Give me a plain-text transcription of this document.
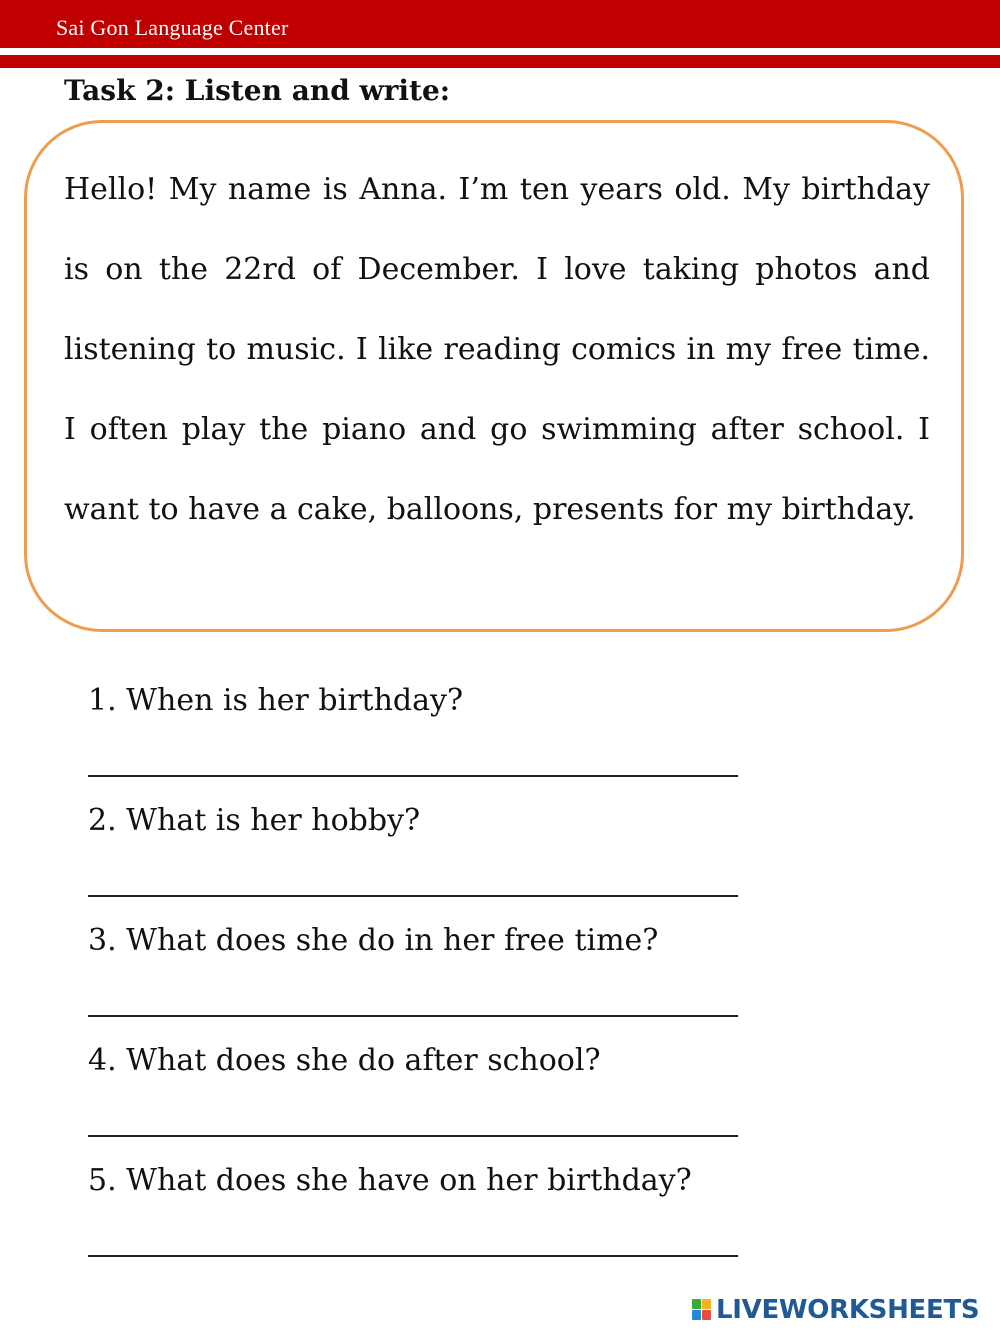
Sai Gon Language Center
Task 2: Listen and write:
Hello! My name is Anna. I’m ten years old. My birthday is on the 22rd of December. I love taking photos and listening to music. I like reading comics in my free time. I often play the piano and go swimming after school. I want to have a cake, balloons, presents for my birthday.
1. When is her birthday?
2. What is her hobby?
3. What does she do in her free time?
4. What does she do after school?
5. What does she have on her birthday?
LIVEWORKSHEETS
